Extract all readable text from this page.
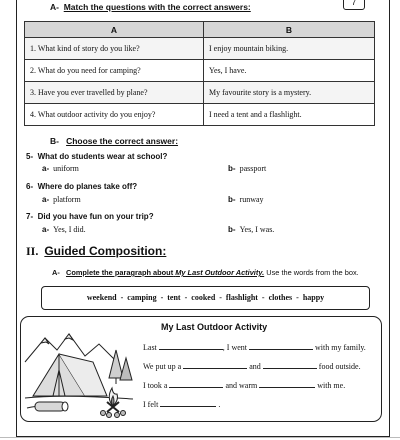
A- Match the questions with the correct answers:	7
A	B
1. What kind of story do you like?	I enjoy mountain biking.
2. What do you need for camping?	Yes, I have.
3. Have you ever travelled by plane?	My favourite story is a mystery.
4. What outdoor activity do you enjoy?	I need a tent and a flashlight.
B- Choose the correct answer:
5- What do students wear at school?
a- uniform	b- passport
6- Where do planes take off?
a- platform	b- runway
7- Did you have fun on your trip?
a- Yes, I did.	b- Yes, I was.
II. Guided Composition:
A- Complete the paragraph about My Last Outdoor Activity. Use the words from the box.
weekend  -  camping  -  tent  -  cooked  -  flashlight  -  clothes  -  happy
My Last Outdoor Activity
Last	, I went	with my family.
We put up a	and	food outside.
I took a	and warm	with me.
I felt	.
